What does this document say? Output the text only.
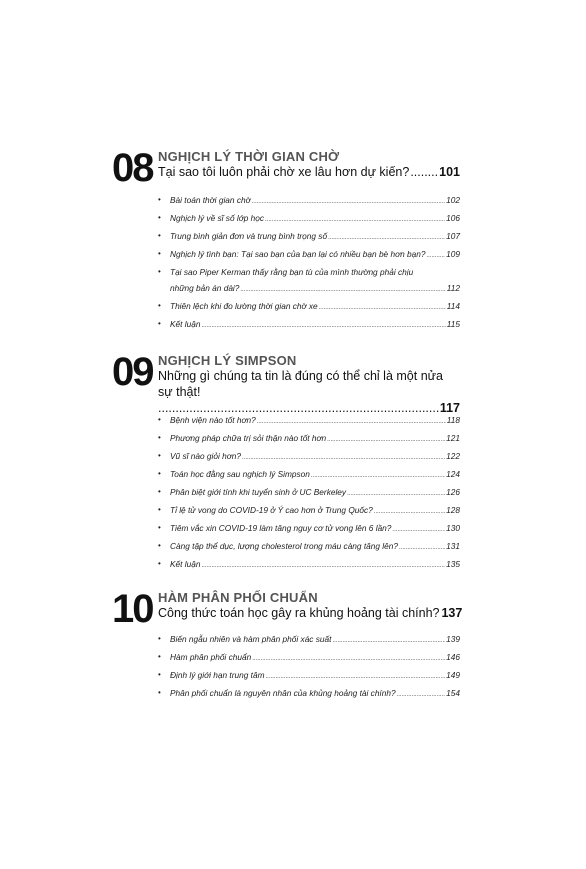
08 NGHỊCH LÝ THỜI GIAN CHỜ
Tại sao tôi luôn phải chờ xe lâu hơn dự kiến? ..... 101
• Bài toán thời gian chờ .....	102
• Nghịch lý về sĩ số lớp học .....	106
• Trung bình giản đơn và trung bình trọng số .....	107
• Nghịch lý tình bạn: Tại sao bạn của bạn lại có nhiều bạn bè hơn bạn? ..... 109
• Tại sao Piper Kerman thấy rằng bạn tù của mình thường phải chịu
những bản án dài? .....	112
• Thiên lệch khi đo lường thời gian chờ xe .....	114
• Kết luận .....	115
09 NGHỊCH LÝ SIMPSON
Những gì chúng ta tin là đúng có thể chỉ là một nửa sự thật!
.....
117
• Bệnh viện nào tốt hơn? .....	118
• Phương pháp chữa trị sỏi thận nào tốt hơn .....	121
• Vũ sĩ nào giỏi hơn? .....	122
• Toán học đằng sau nghịch lý Simpson .....	124
• Phân biệt giới tính khi tuyển sinh ở UC Berkeley .....	126
• Tỉ lệ tử vong do COVID-19 ở Ý cao hơn ở Trung Quốc? .....	128
• Tiêm vắc xin COVID-19 làm tăng nguy cơ tử vong lên 6 lần? .....	130
• Càng tập thể dục, lượng cholesterol trong máu càng tăng lên? .....	131
• Kết luận .....	135
10 HÀM PHÂN PHỐI CHUẨN
Công thức toán học gây ra khủng hoảng tài chính? 137
• Biến ngẫu nhiên và hàm phân phối xác suất .....	139
• Hàm phân phối chuẩn .....	146
• Định lý giới hạn trung tâm .....	149
• Phân phối chuẩn là nguyên nhân của khủng hoảng tài chính? .....	154
